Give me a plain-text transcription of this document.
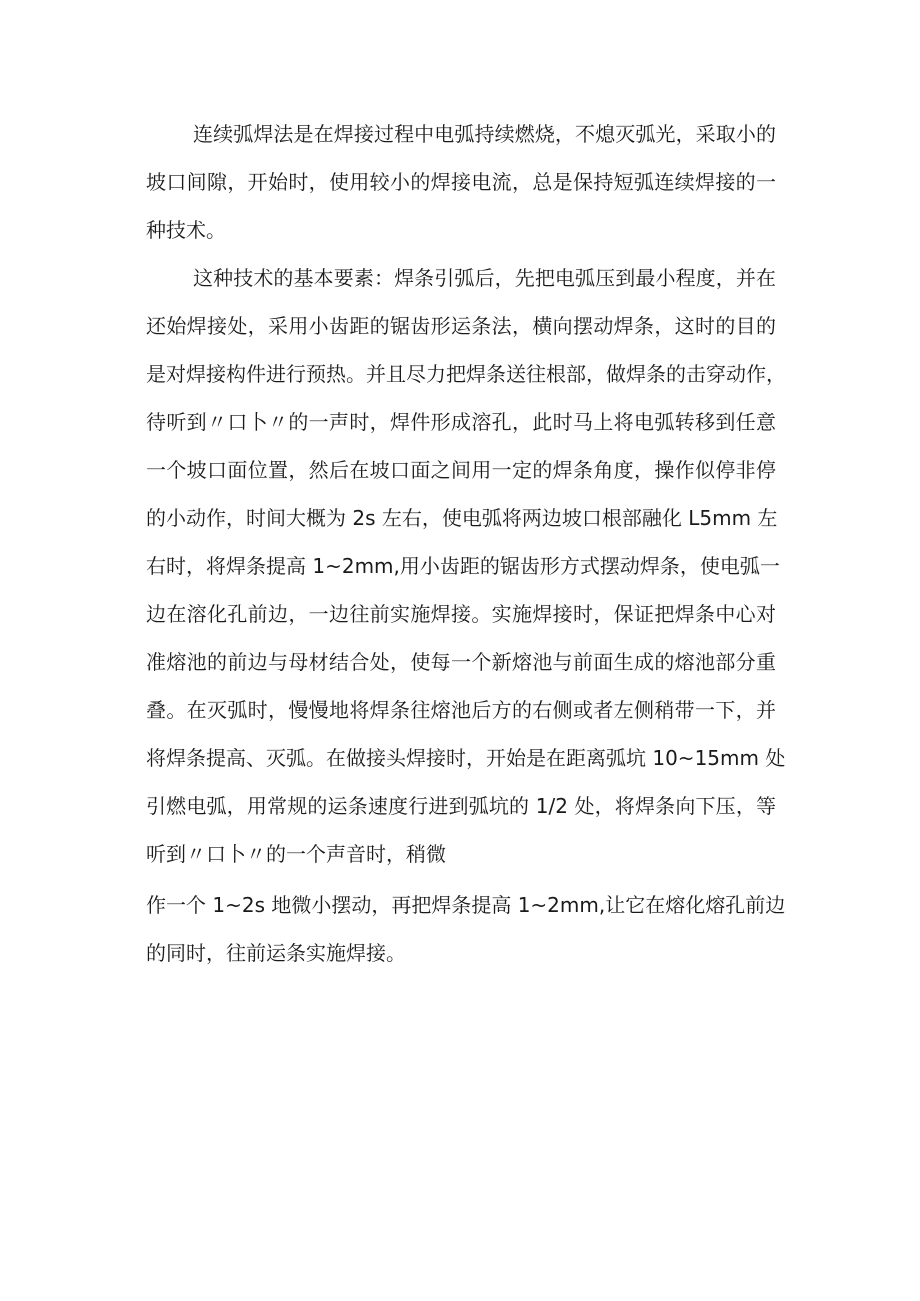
连续弧焊法是在焊接过程中电弧持续燃烧，不熄灭弧光，采取小的
坡口间隙，开始时，使用较小的焊接电流，总是保持短弧连续焊接的一
种技术。
这种技术的基本要素：焊条引弧后，先把电弧压到最小程度，并在
还始焊接处，采用小齿距的锯齿形运条法，横向摆动焊条，这时的目的
是对焊接构件进行预热。并且尽力把焊条送往根部，做焊条的击穿动作，
待听到〃口卜〃的一声时，焊件形成溶孔，此时马上将电弧转移到任意
一个坡口面位置，然后在坡口面之间用一定的焊条角度，操作似停非停
的小动作，时间大概为 2s 左右，使电弧将两边坡口根部融化 L5mm 左
右时，将焊条提高 1~2mm,用小齿距的锯齿形方式摆动焊条，使电弧一
边在溶化孔前边，一边往前实施焊接。实施焊接时，保证把焊条中心对
准熔池的前边与母材结合处，使每一个新熔池与前面生成的熔池部分重
叠。在灭弧时，慢慢地将焊条往熔池后方的右侧或者左侧稍带一下，并
将焊条提高、灭弧。在做接头焊接时，开始是在距离弧坑 10~15mm 处
引燃电弧，用常规的运条速度行进到弧坑的 1/2 处，将焊条向下压，等
听到〃口卜〃的一个声音时，稍微
作一个 1~2s 地微小摆动，再把焊条提高 1~2mm,让它在熔化熔孔前边
的同时，往前运条实施焊接。
